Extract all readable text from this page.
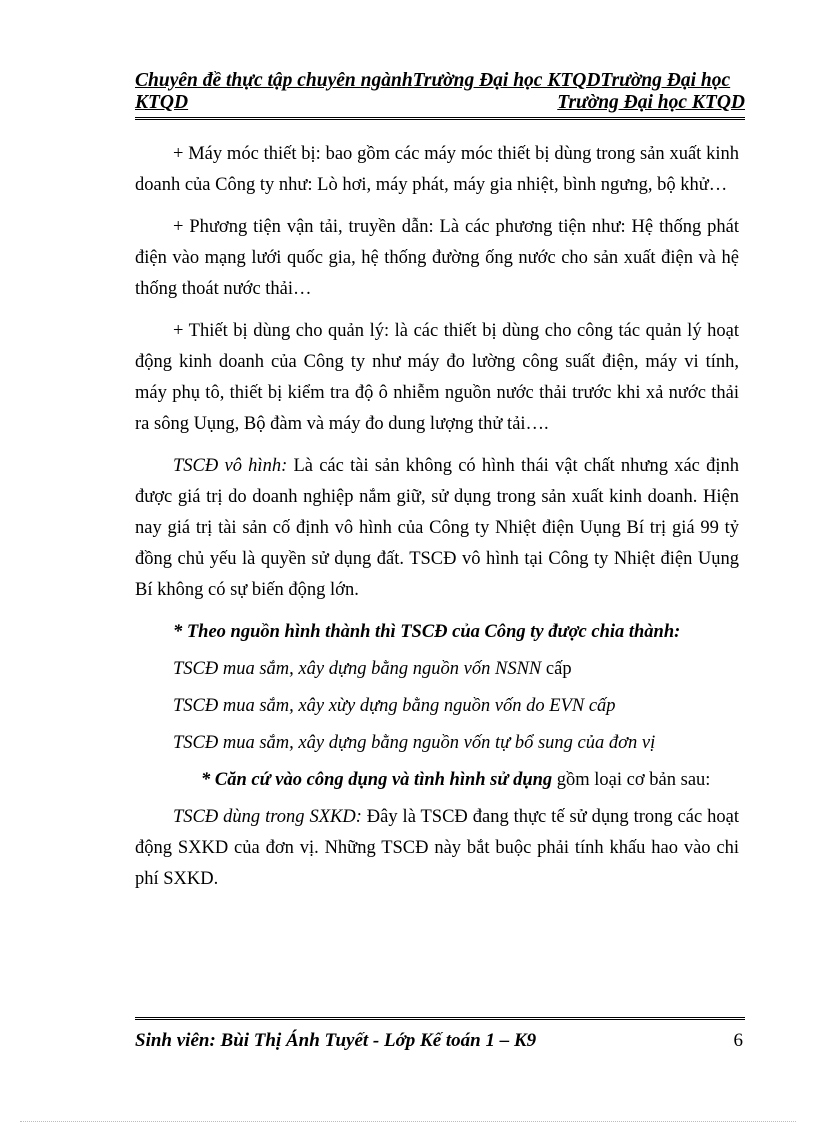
Chuyên đề thực tập chuyên ngànhTrường Đại học KTQDTrường Đại học
KTQD	Trường Đại học KTQD

+ Máy móc thiết bị: bao gồm các máy móc thiết bị dùng trong sản xuất kinh doanh của Công ty như: Lò hơi, máy phát, máy gia nhiệt, bình ngưng, bộ khử…

+ Phương tiện vận tải, truyền dẫn: Là các phương tiện như: Hệ thống phát điện vào mạng lưới quốc gia, hệ thống đường ống nước cho sản xuất điện và hệ thống thoát nước thải…

+ Thiết bị dùng cho quản lý: là các thiết bị dùng cho công tác quản lý hoạt động kinh doanh của Công ty như máy đo lường công suất điện, máy vi tính, máy phụ tô, thiết bị kiểm tra độ ô nhiễm nguồn nước thải trước khi xả nước thải ra sông Uụng, Bộ đàm và máy đo dung lượng thử tải….

TSCĐ vô hình: Là các tài sản không có hình thái vật chất nhưng xác định được giá trị do doanh nghiệp nắm giữ, sử dụng trong sản xuất kinh doanh. Hiện nay giá trị tài sản cố định vô hình của Công ty Nhiệt điện Uụng Bí trị giá 99 tỷ đồng chủ yếu là quyền sử dụng đất. TSCĐ vô hình tại Công ty Nhiệt điện Uụng Bí không có sự biến động lớn.

* Theo nguồn hình thành thì TSCĐ của Công ty được chia thành:

TSCĐ mua sắm, xây dựng bằng nguồn vốn NSNN cấp

TSCĐ mua sắm, xây xừy dựng bằng nguồn vốn do EVN cấp

TSCĐ mua sắm, xây dựng bằng nguồn vốn tự bổ sung của đơn vị

* Căn cứ vào công dụng và tình hình sử dụng gồm loại cơ bản sau:

TSCĐ dùng trong SXKD: Đây là TSCĐ đang thực tế sử dụng trong các hoạt động SXKD của đơn vị. Những TSCĐ này bắt buộc phải tính khấu hao vào chi phí SXKD.

Sinh viên: Bùi Thị Ánh Tuyết - Lớp Kế toán 1 – K9	6
